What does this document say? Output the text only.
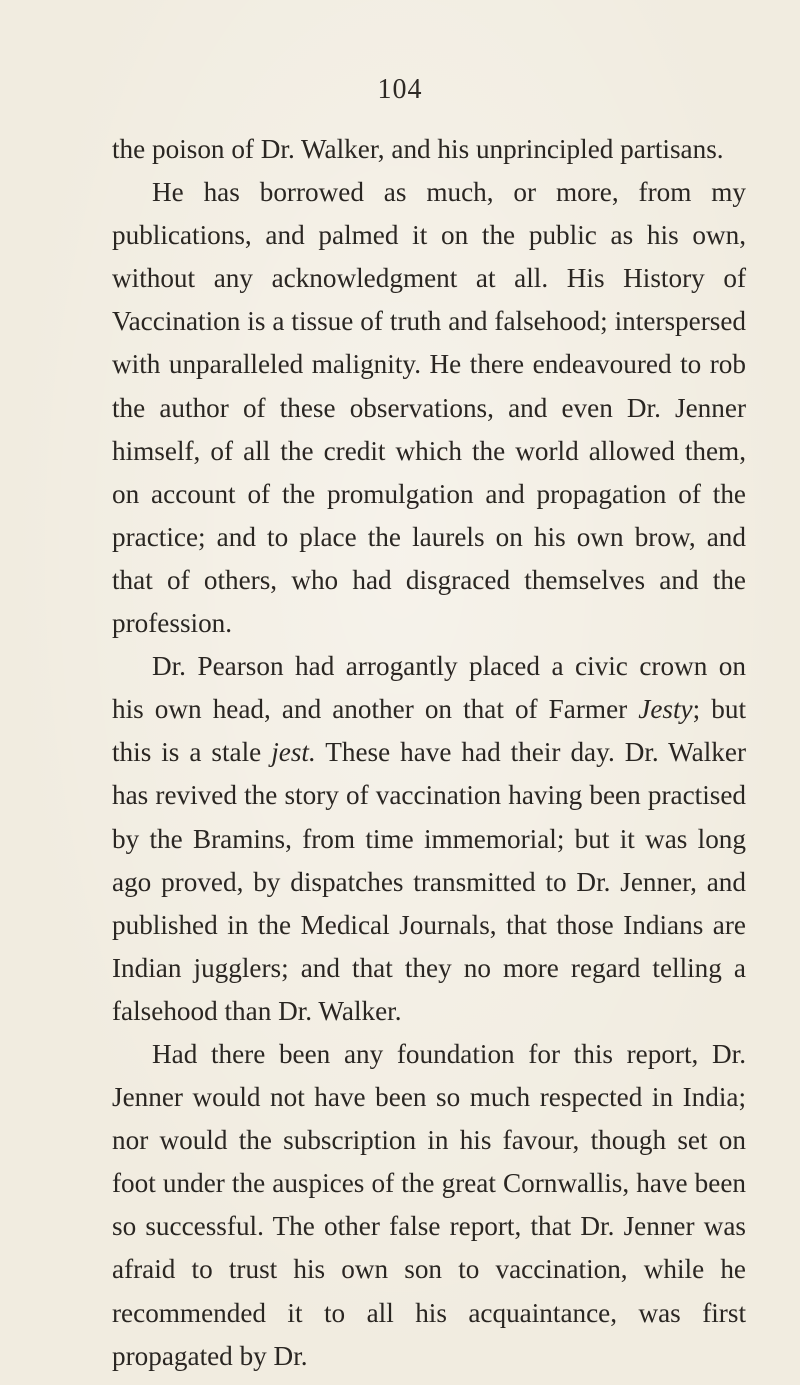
104

the poison of Dr. Walker, and his unprincipled partisans.

He has borrowed as much, or more, from my publications, and palmed it on the public as his own, without any acknowledgment at all. His History of Vaccination is a tissue of truth and falsehood; interspersed with unparalleled malignity. He there endeavoured to rob the author of these observations, and even Dr. Jenner himself, of all the credit which the world allowed them, on account of the promulgation and propagation of the practice; and to place the laurels on his own brow, and that of others, who had disgraced themselves and the profession.

Dr. Pearson had arrogantly placed a civic crown on his own head, and another on that of Farmer Jesty; but this is a stale jest. These have had their day. Dr. Walker has revived the story of vaccination having been practised by the Bramins, from time immemorial; but it was long ago proved, by dispatches transmitted to Dr. Jenner, and published in the Medical Journals, that those Indians are Indian jugglers; and that they no more regard telling a falsehood than Dr. Walker.

Had there been any foundation for this report, Dr. Jenner would not have been so much respected in India; nor would the subscription in his favour, though set on foot under the auspices of the great Cornwallis, have been so successful. The other false report, that Dr. Jenner was afraid to trust his own son to vaccination, while he recommended it to all his acquaintance, was first propagated by Dr.
